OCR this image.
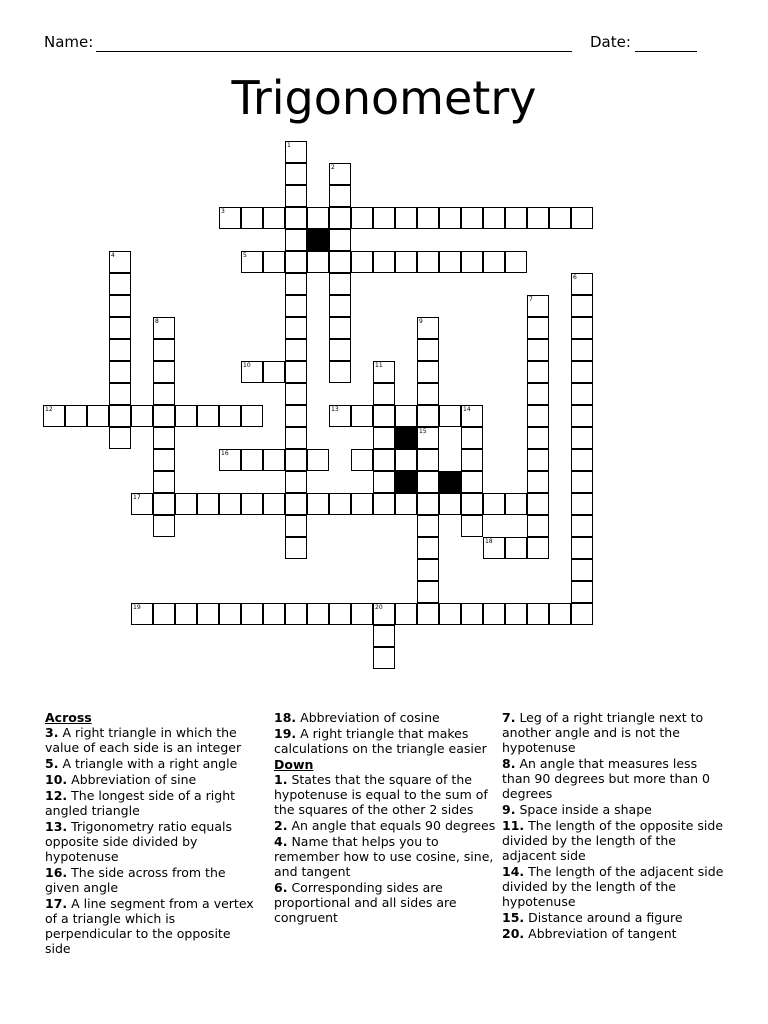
Name:	Date:
Trigonometry
1
2
3
5
4
6
7
8	9
10	11
12	13	14
15
16
17
18
19	20
Across
3. A right triangle in which the value of each side is an integer
5. A triangle with a right angle
10. Abbreviation of sine
12. The longest side of a right angled triangle
13. Trigonometry ratio equals opposite side divided by hypotenuse
16. The side across from the given angle
17. A line segment from a vertex of a triangle which is perpendicular to the opposite side
18. Abbreviation of cosine
19. A right triangle that makes calculations on the triangle easier
Down
1. States that the square of the hypotenuse is equal to the sum of the squares of the other 2 sides
2. An angle that equals 90 degrees
4. Name that helps you to remember how to use cosine, sine, and tangent
6. Corresponding sides are proportional and all sides are congruent
7. Leg of a right triangle next to another angle and is not the hypotenuse
8. An angle that measures less than 90 degrees but more than 0 degrees
9. Space inside a shape
11. The length of the opposite side divided by the length of the adjacent side
14. The length of the adjacent side divided by the length of the hypotenuse
15. Distance around a figure
20. Abbreviation of tangent
